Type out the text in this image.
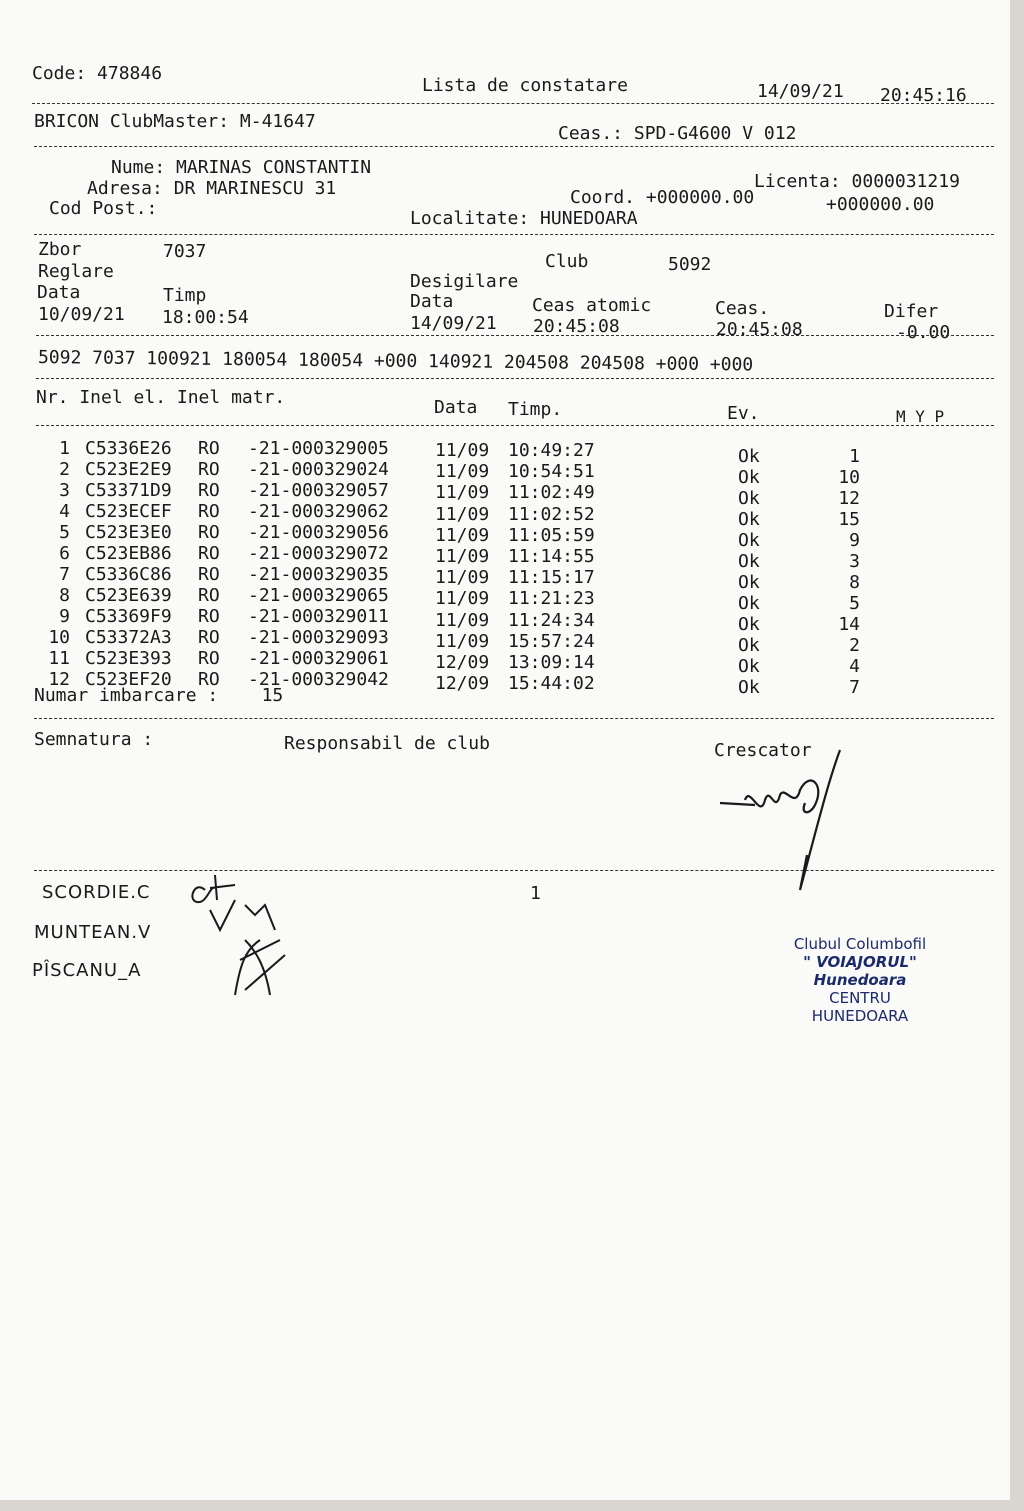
Code: 478846
Lista de constatare	14/09/21 20:45:16
BRICON ClubMaster: M-41647
Ceas.: SPD-G4600 V 012
Nume: MARINAS CONSTANTIN
Adresa: DR MARINESCU 31
Cod Post.:
Licenta: 0000031219
Coord. +000000.00	+000000.00
Localitate: HUNEDOARA
Zbor	7037
Reglare	Club	5092
Desigilare
Data	Timp	Data	Ceas atomic	Ceas.	Difer
10/09/21 18:00:54	14/09/21 20:45:08	20:45:08	-0.00
5092 7037 100921 180054 180054 +000 140921 204508 204508 +000 +000
Nr. Inel el. Inel matr.	Data Timp.	Ev.	M Y P
1 C5336E26 RO -21-000329005	11/09 10:49:27	Ok	1
2 C523E2E9 RO -21-000329024	11/09 10:54:51	Ok	10
3 C53371D9 RO -21-000329057	11/09 11:02:49	Ok	12
4 C523ECEF RO -21-000329062	11/09 11:02:52	Ok	15
5 C523E3E0 RO -21-000329056	11/09 11:05:59	Ok	9
6 C523EB86 RO -21-000329072	11/09 11:14:55	Ok	3
7 C5336C86 RO -21-000329035	11/09 11:15:17	Ok	8
8 C523E639 RO -21-000329065	11/09 11:21:23	Ok	5
9 C53369F9 RO -21-000329011	11/09 11:24:34	Ok	14
10 C53372A3 RO -21-000329093	11/09 15:57:24	Ok	2
11 C523E393 RO -21-000329061	12/09 13:09:14	Ok	4
12 C523EF20 RO -21-000329042	12/09 15:44:02	Ok	7
Numar imbarcare :    15
Semnatura :	Responsabil de club	Crescator
1
SCORDIE.C
MUNTEAN.V
PÎSCANU_A
Clubul Columbofil
" VOIAJORUL" Hunedoara
CENTRU
HUNEDOARA
